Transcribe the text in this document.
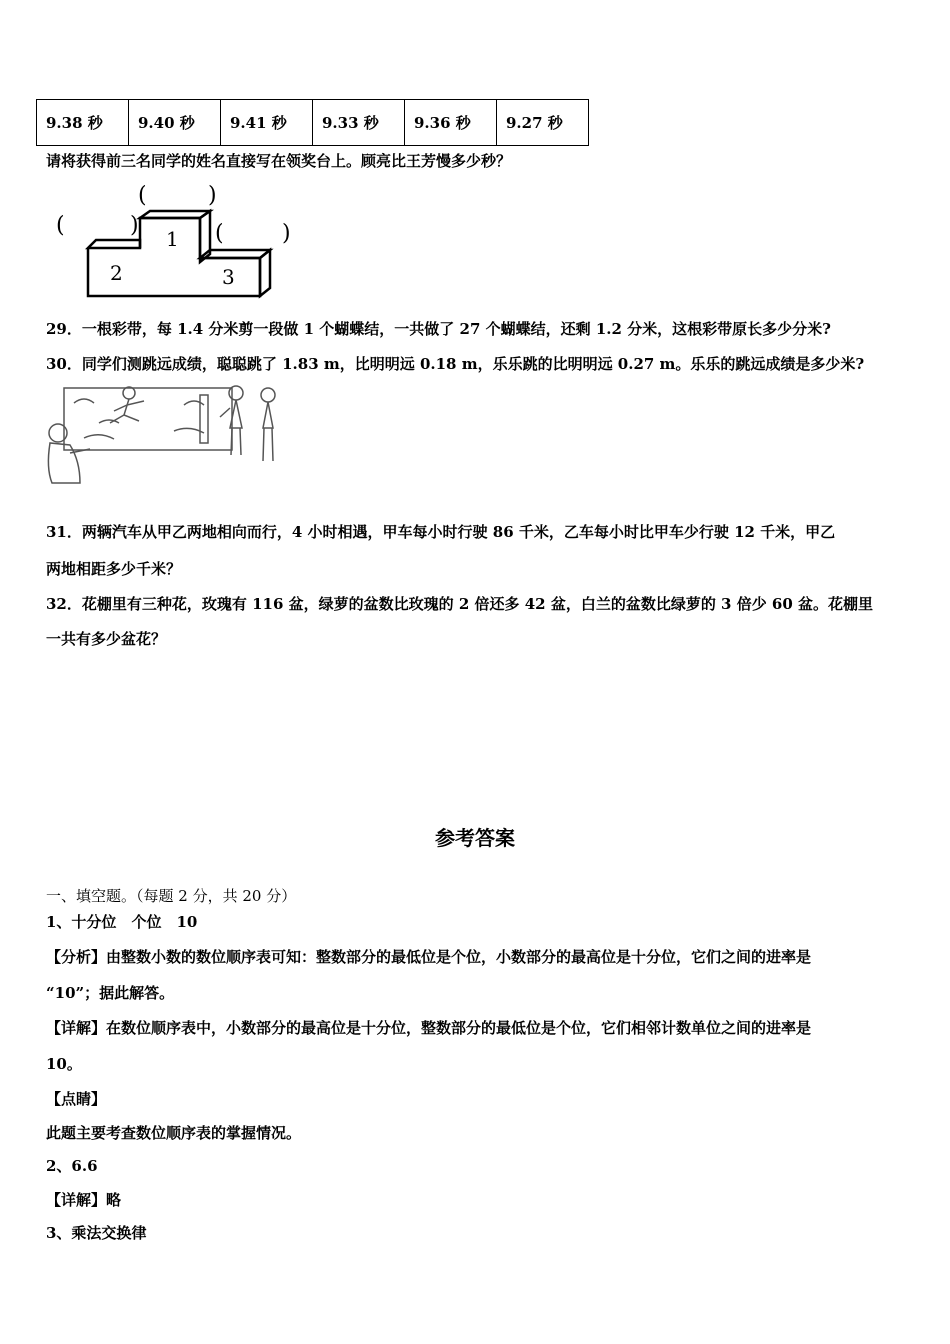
9.38 秒	9.40 秒	9.41 秒	9.33 秒	9.36 秒	9.27 秒
请将获得前三名同学的姓名直接写在领奖台上。顾亮比王芳慢多少秒？
1
2	3
(	)
(	)	(	)
29．一根彩带，每 1.4 分米剪一段做 1 个蝴蝶结，一共做了 27 个蝴蝶结，还剩 1.2 分米，这根彩带原长多少分米?
30．同学们测跳远成绩，聪聪跳了 1.83 m，比明明远 0.18 m，乐乐跳的比明明远 0.27 m。乐乐的跳远成绩是多少米?
31．两辆汽车从甲乙两地相向而行，4 小时相遇，甲车每小时行驶 86 千米，乙车每小时比甲车少行驶 12 千米，甲乙
两地相距多少千米？
32．花棚里有三种花，玫瑰有 116 盆，绿萝的盆数比玫瑰的 2 倍还多 42 盆，白兰的盆数比绿萝的 3 倍少 60 盆。花棚里
一共有多少盆花？
参考答案
一、填空题。（每题 2 分，共 20 分）
1、十分位　个位　10
【分析】由整数小数的数位顺序表可知：整数部分的最低位是个位，小数部分的最高位是十分位，它们之间的进率是
“10”；据此解答。
【详解】在数位顺序表中，小数部分的最高位是十分位，整数部分的最低位是个位，它们相邻计数单位之间的进率是
10。
【点睛】
此题主要考查数位顺序表的掌握情况。
2、6.6
【详解】略
3、乘法交换律
